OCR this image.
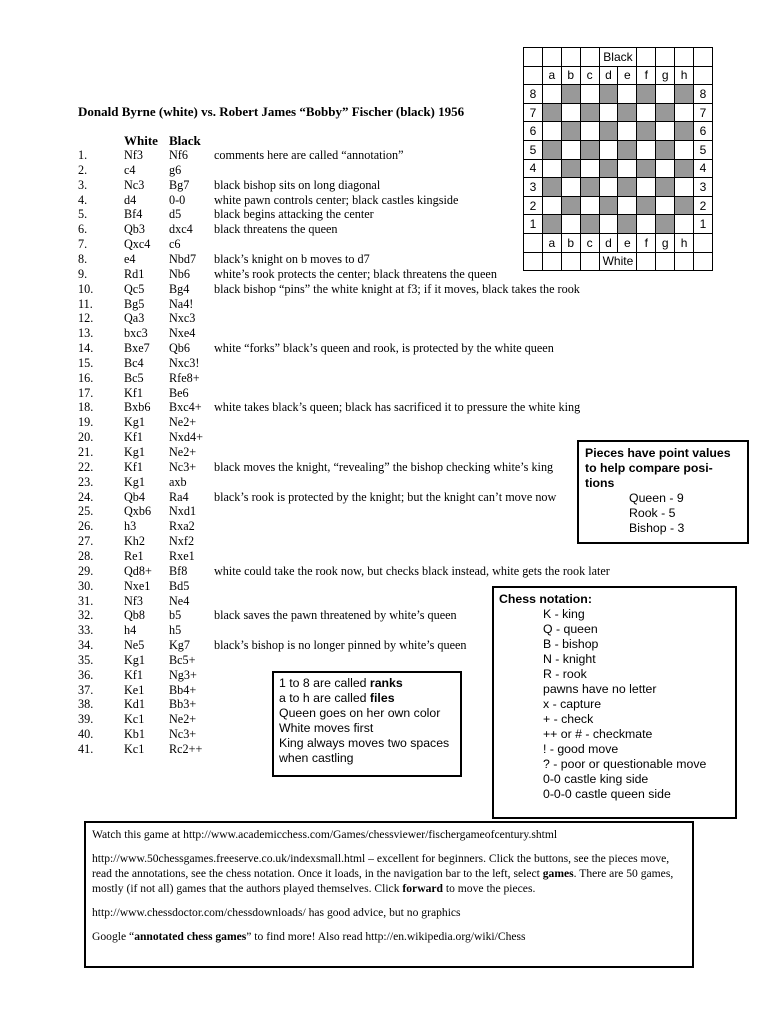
				Black					
	a	b	c	d	e	f	g	h	
8									8
7									7
6									6
5									5
4									4
3									3
2									2
1									1
	a	b	c	d	e	f	g	h	
				White					
Donald Byrne (white) vs. Robert James “Bobby” Fischer (black) 1956
White Black
1.	Nf3 Nf6 comments here are called “annotation”
2.	c4	g6
3.	Nc3 Bg7 black bishop sits on long diagonal
4.	d4	0-0 white pawn controls center; black castles kingside
5.	Bf4 d5	black begins attacking the center
6.	Qb3 dxc4 black threatens the queen
7.	Qxc4 c6
8.	e4	Nbd7 black’s knight on b moves to d7
9.	Rd1 Nb6 white’s rook protects the center; black threatens the queen
10.	Qc5 Bg4 black bishop “pins” the white knight at f3; if it moves, black takes the rook
11.	Bg5 Na4!
12.	Qa3 Nxc3
13.	bxc3 Nxe4
14.	Bxe7 Qb6 white “forks” black’s queen and rook, is protected by the white queen
15.	Bc4 Nxc3!
16.	Bc5 Rfe8+
17.	Kf1 Be6
18.	Bxb6 Bxc4+ white takes black’s queen; black has sacrificed it to pressure the white king
19.	Kg1 Ne2+
20.	Kf1 Nxd4+
21.	Kg1 Ne2+
22.	Kf1 Nc3+ black moves the knight, “revealing” the bishop checking white’s king
23.	Kg1 axb
24.	Qb4 Ra4 black’s rook is protected by the knight; but the knight can’t move now
25.	Qxb6 Nxd1
26.	h3	Rxa2
27.	Kh2 Nxf2
28.	Re1 Rxe1
29.	Qd8+ Bf8 white could take the rook now, but checks black instead, white gets the rook later
30.	Nxe1 Bd5
31.	Nf3 Ne4
32.	Qb8 b5	black saves the pawn threatened by white’s queen
33.	h4	h5
34.	Ne5 Kg7 black’s bishop is no longer pinned by white’s queen
35.	Kg1 Bc5+
36.	Kf1 Ng3+
37.	Ke1 Bb4+
38.	Kd1 Bb3+
39.	Kc1 Ne2+
40.	Kb1 Nc3+
41.	Kc1 Rc2++
Pieces have point values
to help compare posi-
tions
Queen - 9
Rook - 5
Bishop - 3
Chess notation:
K - king
Q - queen
B - bishop
N - knight
R - rook
pawns have no letter
x - capture
+ - check
++ or # - checkmate
! - good move
? - poor or questionable move
0-0 castle king side
0-0-0 castle queen side
1 to 8 are called ranks
a to h are called files
Queen goes on her own color
White moves first
King always moves two spaces
when castling

Watch this game at http://www.academicchess.com/Games/chessviewer/fischergameofcentury.shtml

http://www.50chessgames.freeserve.co.uk/indexsmall.html – excellent for beginners. Click the buttons, see the pieces move, read the annotations, see the chess notation. Once it loads, in the navigation bar to the left, select games. There are 50 games, mostly (if not all) games that the authors played themselves. Click forward to move the pieces.

http://www.chessdoctor.com/chessdownloads/ has good advice, but no graphics

Google “annotated chess games” to find more! Also read http://en.wikipedia.org/wiki/Chess
